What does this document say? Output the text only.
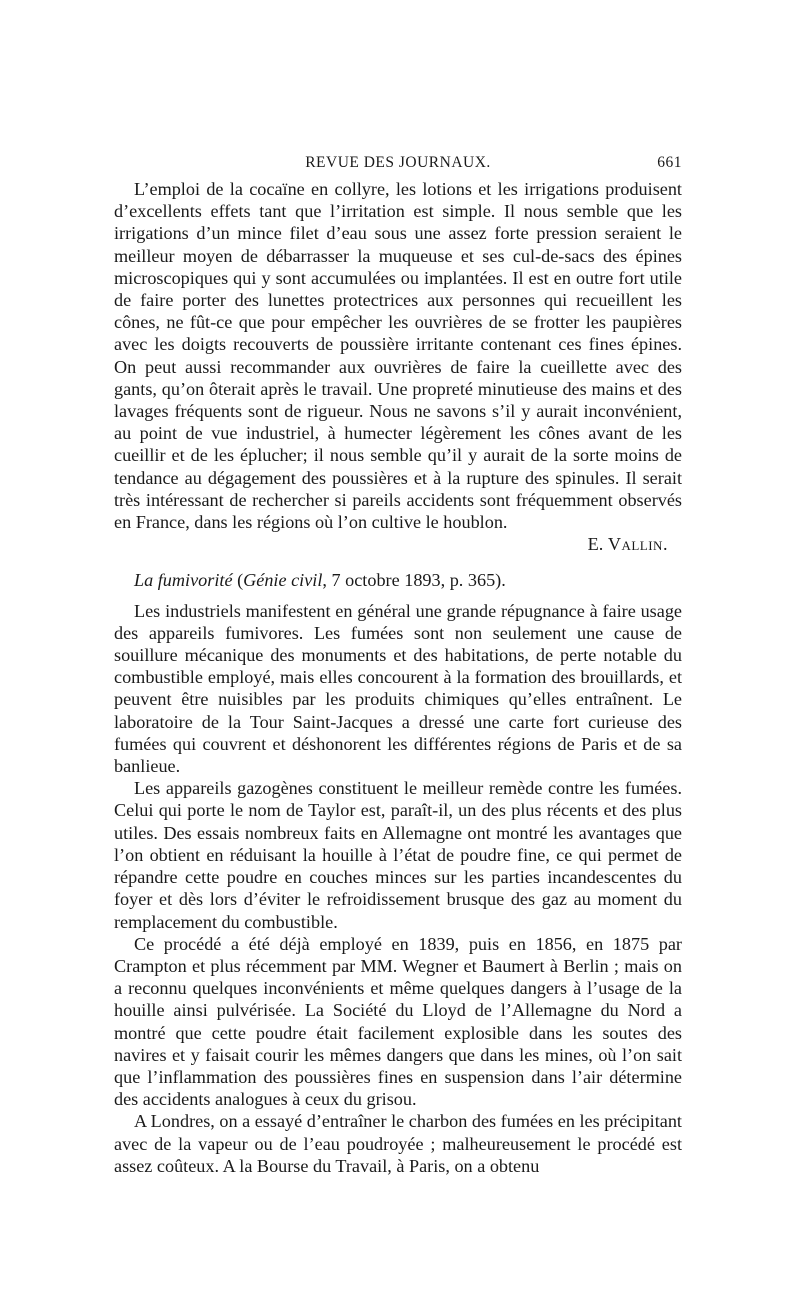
REVUE DES JOURNAUX.	661

L’emploi de la cocaïne en collyre, les lotions et les irrigations produisent d’excellents effets tant que l’irritation est simple. Il nous semble que les irrigations d’un mince filet d’eau sous une assez forte pression seraient le meilleur moyen de débarrasser la muqueuse et ses cul-de-sacs des épines microscopiques qui y sont accumulées ou implantées. Il est en outre fort utile de faire porter des lunettes protectrices aux personnes qui recueillent les cônes, ne fût-ce que pour empêcher les ouvrières de se frotter les paupières avec les doigts recouverts de poussière irritante contenant ces fines épines. On peut aussi recommander aux ouvrières de faire la cueillette avec des gants, qu’on ôterait après le travail. Une propreté minutieuse des mains et des lavages fréquents sont de rigueur. Nous ne savons s’il y aurait inconvénient, au point de vue industriel, à humecter légèrement les cônes avant de les cueillir et de les éplucher; il nous semble qu’il y aurait de la sorte moins de tendance au dégagement des poussières et à la rupture des spinules. Il serait très intéressant de rechercher si pareils accidents sont fréquemment observés en France, dans les régions où l’on cultive le houblon.

E. Vallin.
La fumivorité (Génie civil, 7 octobre 1893, p. 365).

Les industriels manifestent en général une grande répugnance à faire usage des appareils fumivores. Les fumées sont non seulement une cause de souillure mécanique des monuments et des habitations, de perte notable du combustible employé, mais elles concourent à la formation des brouillards, et peuvent être nuisibles par les produits chimiques qu’elles entraînent. Le laboratoire de la Tour Saint-Jacques a dressé une carte fort curieuse des fumées qui couvrent et déshonorent les différentes régions de Paris et de sa banlieue.

Les appareils gazogènes constituent le meilleur remède contre les fumées. Celui qui porte le nom de Taylor est, paraît-il, un des plus récents et des plus utiles. Des essais nombreux faits en Allemagne ont montré les avantages que l’on obtient en réduisant la houille à l’état de poudre fine, ce qui permet de répandre cette poudre en couches minces sur les parties incandescentes du foyer et dès lors d’éviter le refroidissement brusque des gaz au moment du remplacement du combustible.

Ce procédé a été déjà employé en 1839, puis en 1856, en 1875 par Crampton et plus récemment par MM. Wegner et Baumert à Berlin ; mais on a reconnu quelques inconvénients et même quelques dangers à l’usage de la houille ainsi pulvérisée. La Société du Lloyd de l’Allemagne du Nord a montré que cette poudre était facilement explosible dans les soutes des navires et y faisait courir les mêmes dangers que dans les mines, où l’on sait que l’inflammation des poussières fines en suspension dans l’air détermine des accidents analogues à ceux du grisou.

A Londres, on a essayé d’entraîner le charbon des fumées en les précipitant avec de la vapeur ou de l’eau poudroyée ; malheureusement le procédé est assez coûteux. A la Bourse du Travail, à Paris, on a obtenu
